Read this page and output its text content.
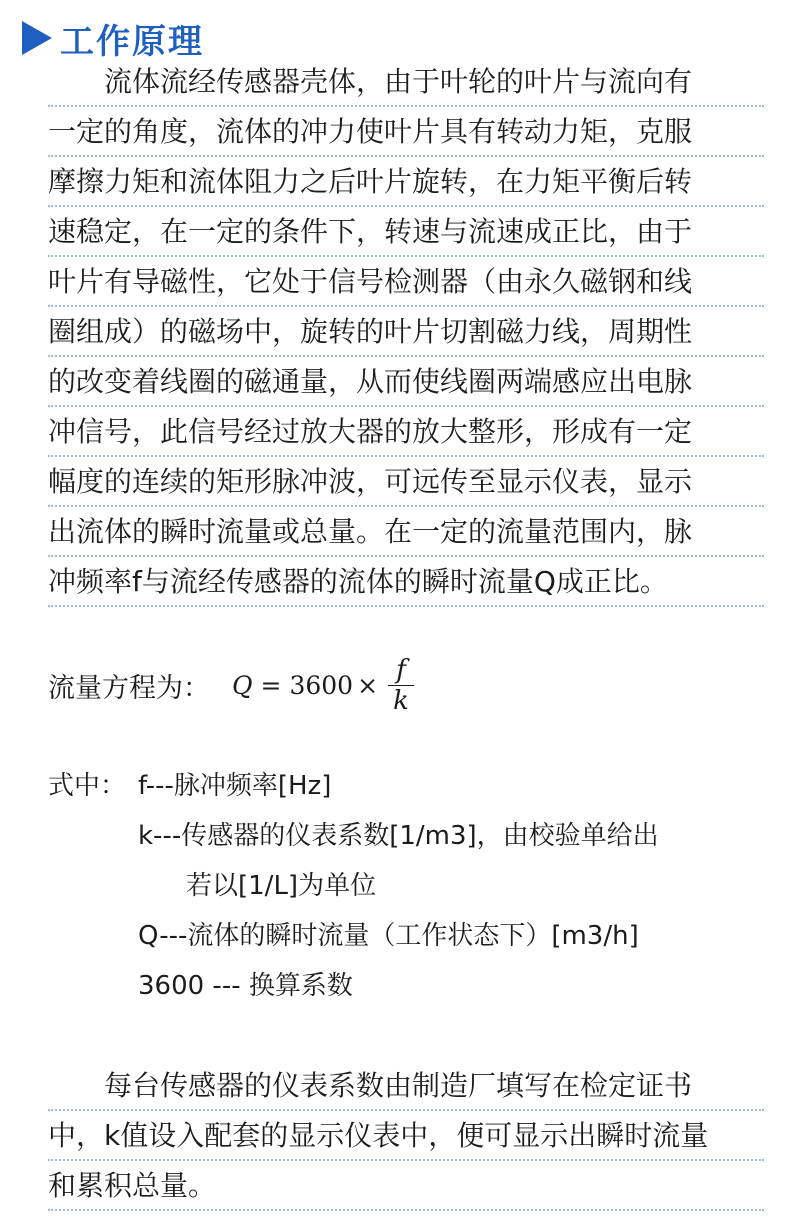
工作原理
流体流经传感器壳体，由于叶轮的叶片与流向有
一定的角度，流体的冲力使叶片具有转动力矩，克服
摩擦力矩和流体阻力之后叶片旋转，在力矩平衡后转
速稳定，在一定的条件下，转速与流速成正比，由于
叶片有导磁性，它处于信号检测器（由永久磁钢和线
圈组成）的磁场中，旋转的叶片切割磁力线，周期性
的改变着线圈的磁通量，从而使线圈两端感应出电脉
冲信号，此信号经过放大器的放大整形，形成有一定
幅度的连续的矩形脉冲波，可远传至显示仪表，显示
出流体的瞬时流量或总量。在一定的流量范围内，脉
冲频率f与流经传感器的流体的瞬时流量Q成正比。
流量方程为： $Q = 3600 \times \frac{f}{k}$
式中： f---脉冲频率[Hz]
k---传感器的仪表系数[1/m3]，由校验单给出
若以[1/L]为单位
Q---流体的瞬时流量（工作状态下）[m3/h]
3600 --- 换算系数
每台传感器的仪表系数由制造厂填写在检定证书
中，k值设入配套的显示仪表中，便可显示出瞬时流量
和累积总量。
